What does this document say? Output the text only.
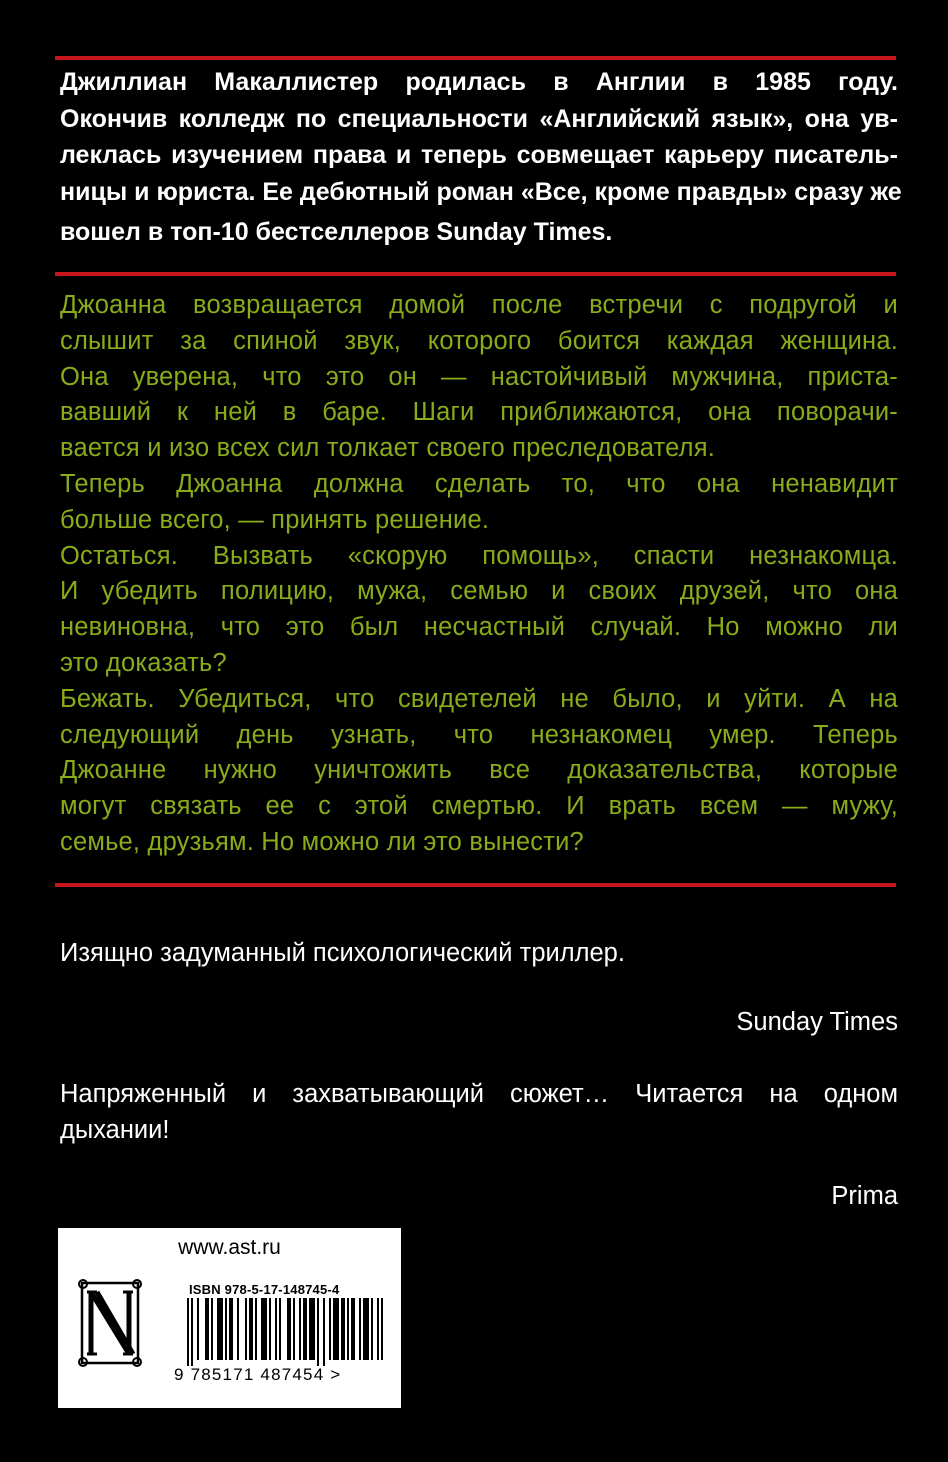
Джиллиан Макаллистер родилась в Англии в 1985 году.
Окончив колледж по специальности «Английский язык», она ув-
леклась изучением права и теперь совмещает карьеру писатель-
ницы и юриста. Ее дебютный роман «Все, кроме правды» сразу же
вошел в топ-10 бестселлеров Sunday Times.
Джоанна возвращается домой после встречи с подругой и
слышит за спиной звук, которого боится каждая женщина.
Она уверена, что это он — настойчивый мужчина, приста-
вавший к ней в баре. Шаги приближаются, она поворачи-
вается и изо всех сил толкает своего преследователя.
Теперь Джоанна должна сделать то, что она ненавидит
больше всего, — принять решение.
Остаться. Вызвать «скорую помощь», спасти незнакомца.
И убедить полицию, мужа, семью и своих друзей, что она
невиновна, что это был несчастный случай. Но можно ли
это доказать?
Бежать. Убедиться, что свидетелей не было, и уйти. А на
следующий день узнать, что незнакомец умер. Теперь
Джоанне нужно уничтожить все доказательства, которые
могут связать ее с этой смертью. И врать всем — мужу,
семье, друзьям. Но можно ли это вынести?
Изящно задуманный психологический триллер.
Sunday Times
Напряженный и захватывающий сюжет… Читается на одном
дыхании!
Prima
www.ast.ru
ISBN 978-5-17-148745-4
9 785171 487454 >
